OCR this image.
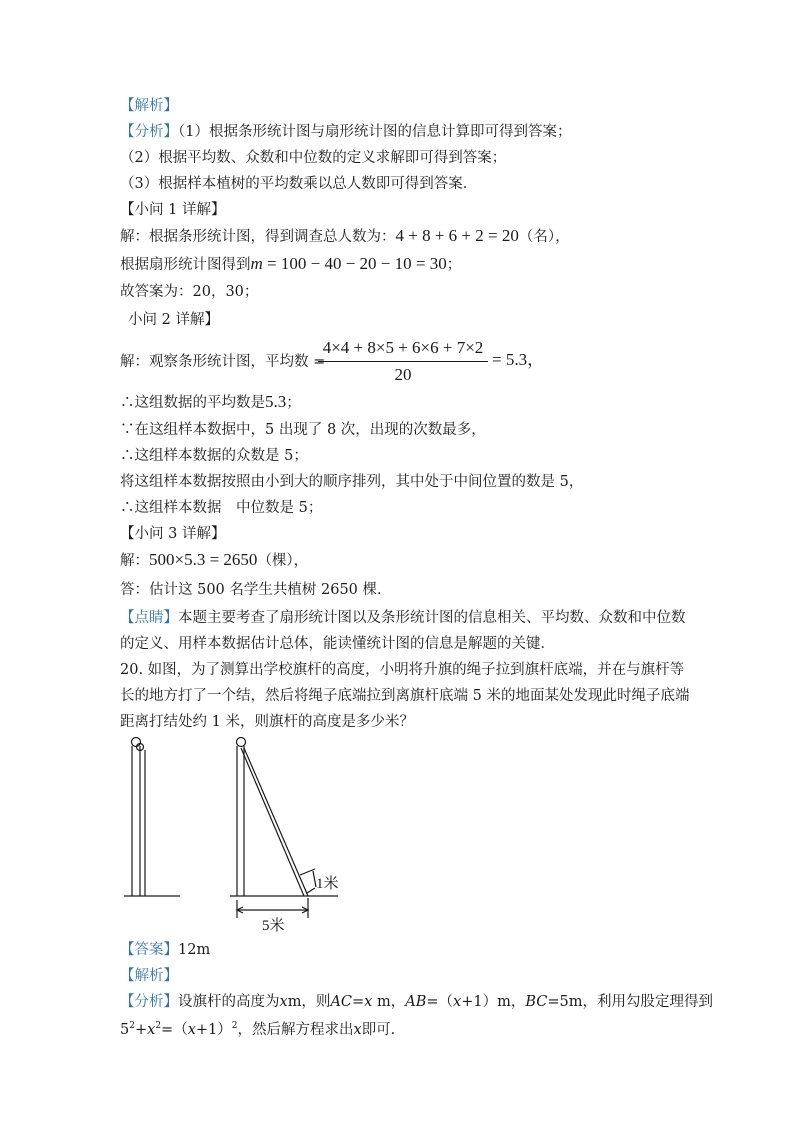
【解析】
【分析】（1）根据条形统计图与扇形统计图的信息计算即可得到答案；
（2）根据平均数、众数和中位数的定义求解即可得到答案；
（3）根据样本植树的平均数乘以总人数即可得到答案．
【小问 1 详解】
解：根据条形统计图，得到调查总人数为：4 + 8 + 6 + 2 = 20（名），
根据扇形统计图得到m = 100 − 40 − 20 − 10 = 30；
故答案为：20，30；
小问 2 详解】
解：观察条形统计图，平均数 =
$\frac{4\times 4 + 8\times 5 + 6\times 6 + 7\times 2}{20} = 5.3$，
∴这组数据的平均数是5.3；
∵在这组样本数据中，5 出现了 8 次，出现的次数最多，
∴这组样本数据的众数是 5；
将这组样本数据按照由小到大的顺序排列，其中处于中间位置的数是 5，
∴这组样本数据　中位数是 5；
【小问 3 详解】
解：500×5.3 = 2650（棵），
答：估计这 500 名学生共植树 2650 棵．
【点睛】本题主要考查了扇形统计图以及条形统计图的信息相关、平均数、众数和中位数
的定义、用样本数据估计总体，能读懂统计图的信息是解题的关键．
20. 如图，为了测算出学校旗杆的高度，小明将升旗的绳子拉到旗杆底端，并在与旗杆等
长的地方打了一个结，然后将绳子底端拉到离旗杆底端 5 米的地面某处发现此时绳子底端
距离打结处约 1 米，则旗杆的高度是多少米？
1米
5米
【答案】12m
【解析】
【分析】设旗杆的高度为xm，则AC=x m，AB=（x+1）m，BC=5m，利用勾股定理得到
$5^2+x^2=(x+1)^2$，然后解方程求出x即可．
